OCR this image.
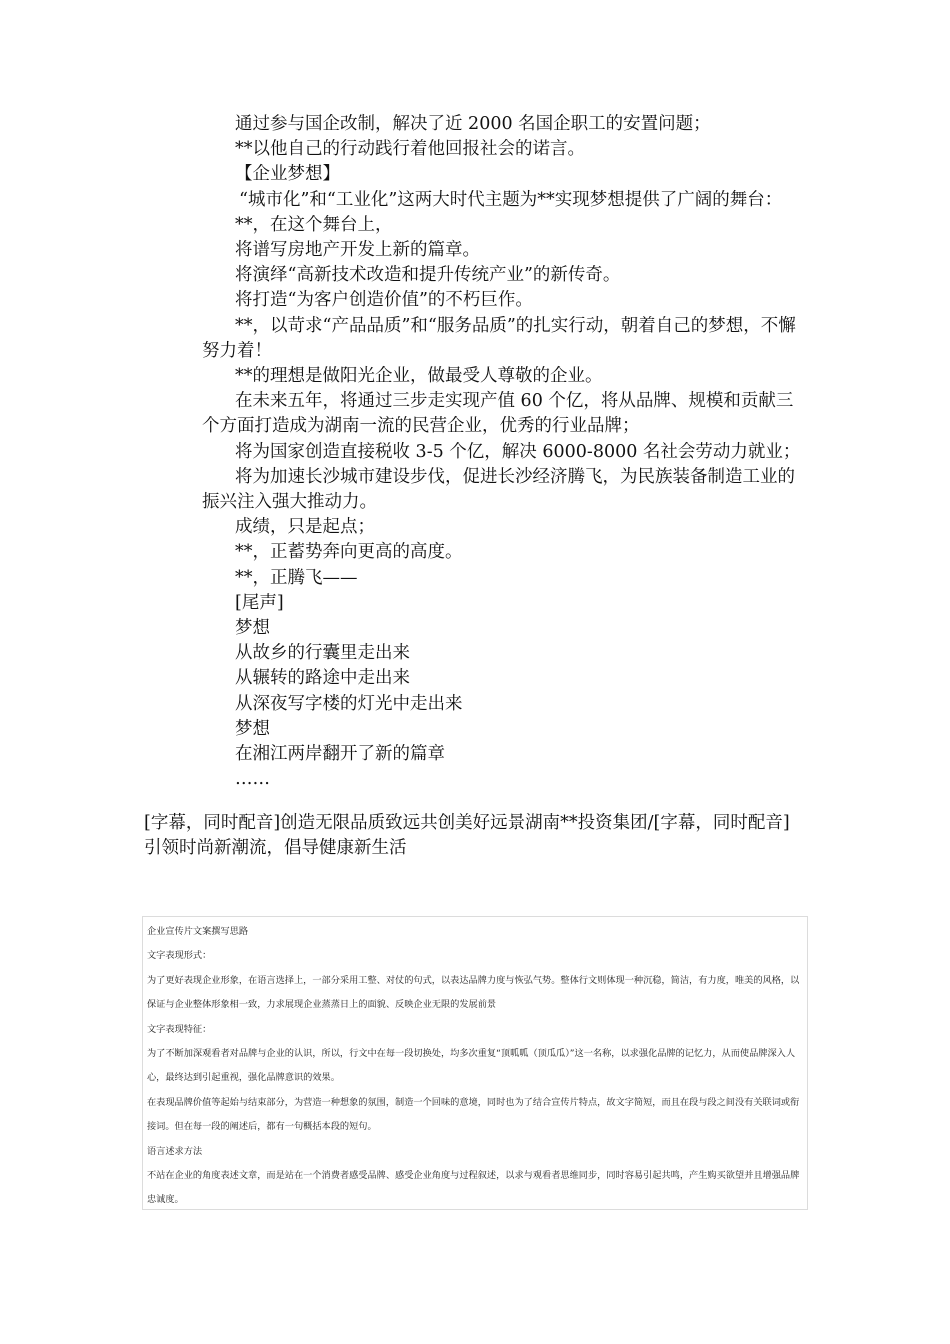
通过参与国企改制，解决了近 2000 名国企职工的安置问题；

**以他自己的行动践行着他回报社会的诺言。

【企业梦想】

“城市化”和“工业化”这两大时代主题为**实现梦想提供了广阔的舞台：

**，在这个舞台上，

将谱写房地产开发上新的篇章。

将演绎“高新技术改造和提升传统产业”的新传奇。

将打造“为客户创造价值”的不朽巨作。

**，以苛求“产品品质”和“服务品质”的扎实行动，朝着自己的梦想，不懈努力着！

**的理想是做阳光企业，做最受人尊敬的企业。

在未来五年，将通过三步走实现产值 60 个亿，将从品牌、规模和贡献三个方面打造成为湖南一流的民营企业，优秀的行业品牌；

将为国家创造直接税收 3-5 个亿，解决 6000-8000 名社会劳动力就业；

将为加速长沙城市建设步伐，促进长沙经济腾飞，为民族装备制造工业的振兴注入强大推动力。

成绩，只是起点；

**，正蓄势奔向更高的高度。

**，正腾飞——

[尾声]

梦想

从故乡的行囊里走出来

从辗转的路途中走出来

从深夜写字楼的灯光中走出来

梦想

在湘江两岸翻开了新的篇章

……

[字幕，同时配音]创造无限品质致远共创美好远景湖南**投资集团/[字幕，同时配音]

引领时尚新潮流，倡导健康新生活

企业宣传片文案撰写思路

文字表现形式：

为了更好表现企业形象，在语言选择上，一部分采用工整、对仗的句式，以表达品牌力度与恢弘气势。整体行文则体现一种沉稳，简洁，有力度，唯美的风格，以保证与企业整体形象相一致，力求展现企业蒸蒸日上的面貌、反映企业无限的发展前景

文字表现特征：

为了不断加深观看者对品牌与企业的认识，所以，行文中在每一段切换处，均多次重复“顶呱呱（顶瓜瓜）”这一名称，以求强化品牌的记忆力，从而使品牌深入人心，最终达到引起重视，强化品牌意识的效果。

在表现品牌价值等起始与结束部分，为营造一种想象的氛围，制造一个回味的意境，同时也为了结合宣传片特点，故文字简短，而且在段与段之间没有关联词或衔接词。但在每一段的阐述后，都有一句概括本段的短句。

语言述求方法

不站在企业的角度表述文章，而是站在一个消费者感受品牌、感受企业角度与过程叙述，以求与观看者思维同步，同时容易引起共鸣，产生购买欲望并且增强品牌忠诚度。
